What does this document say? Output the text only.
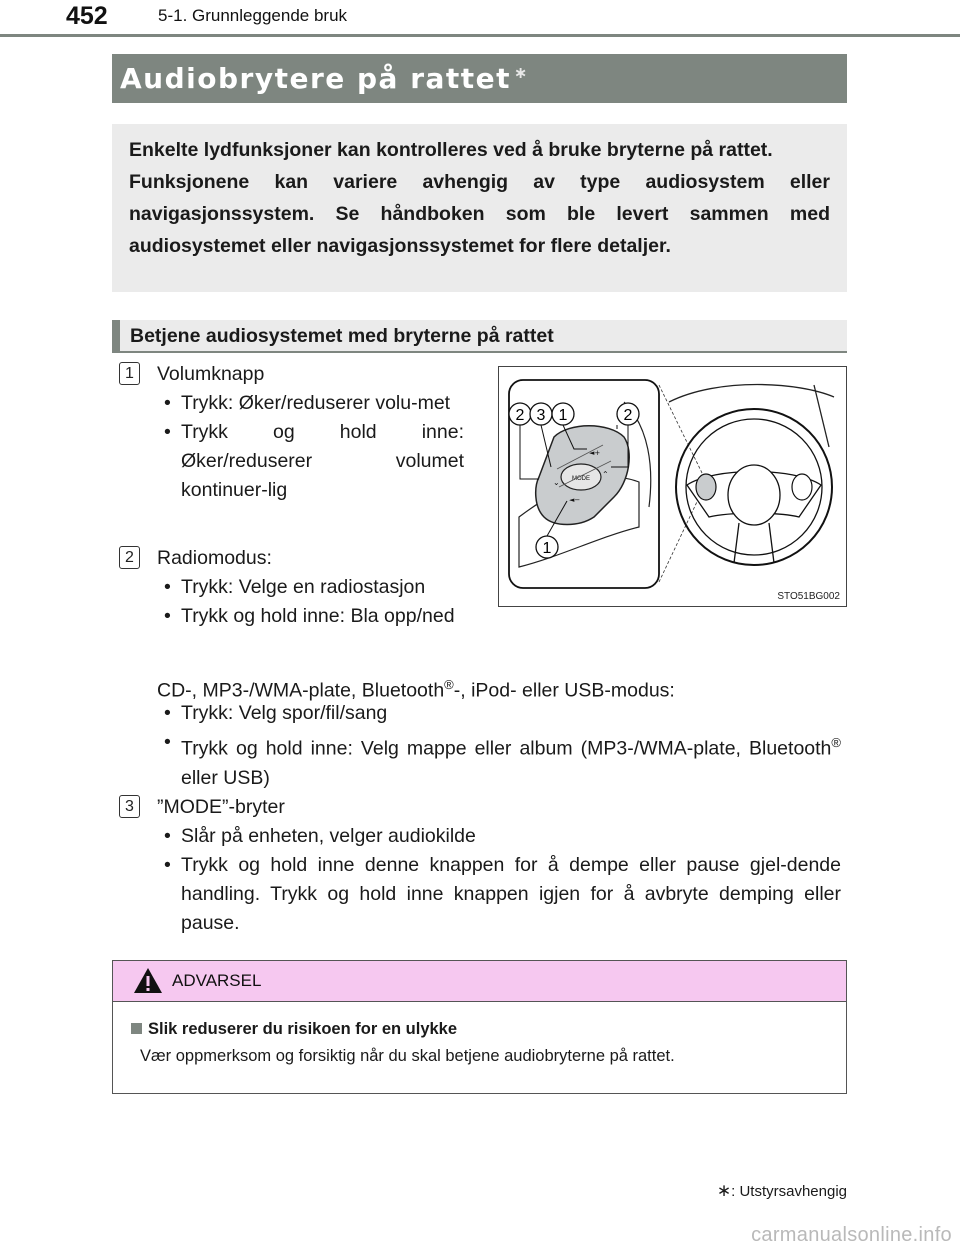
452	5-1. Grunnleggende bruk
Audiobrytere på rattet ∗

Enkelte lydfunksjoner kan kontrolleres ved å bruke bryterne på rattet.

Funksjonene kan variere avhengig av type audiosystem eller navigasjonssystem. Se håndboken som ble levert sammen med audiosystemet eller navigasjonssystemet for flere detaljer.

Betjene audiosystemet med bryterne på rattet
1	Volumknapp
• Trykk: Øker/reduserer volu-met
• Trykk og hold inne: Øker/reduserer volumet kontinuer-lig
2	Radiomodus:
• Trykk: Velge en radiostasjon
• Trykk og hold inne: Bla opp/ned
CD-, MP3-/WMA-plate, Bluetooth®-, iPod- eller USB-modus:
• Trykk: Velg spor/fil/sang
• Trykk og hold inne: Velg mappe eller album (MP3-/WMA-plate, Bluetooth® eller USB)
3	”MODE”-bryter
• Slår på enheten, velger audiokilde
• Trykk og hold inne denne knappen for å dempe eller pause gjel-dende handling. Trykk og hold inne knappen igjen for å avbryte demping eller pause.
MODE
◄+
◄−
⌃
⌄
2 3 1	2
1
STO51BG002
ADVARSEL
Slik reduserer du risikoen for en ulykke
Vær oppmerksom og forsiktig når du skal betjene audiobryterne på rattet.
∗: Utstyrsavhengig
carmanualsonline.info
